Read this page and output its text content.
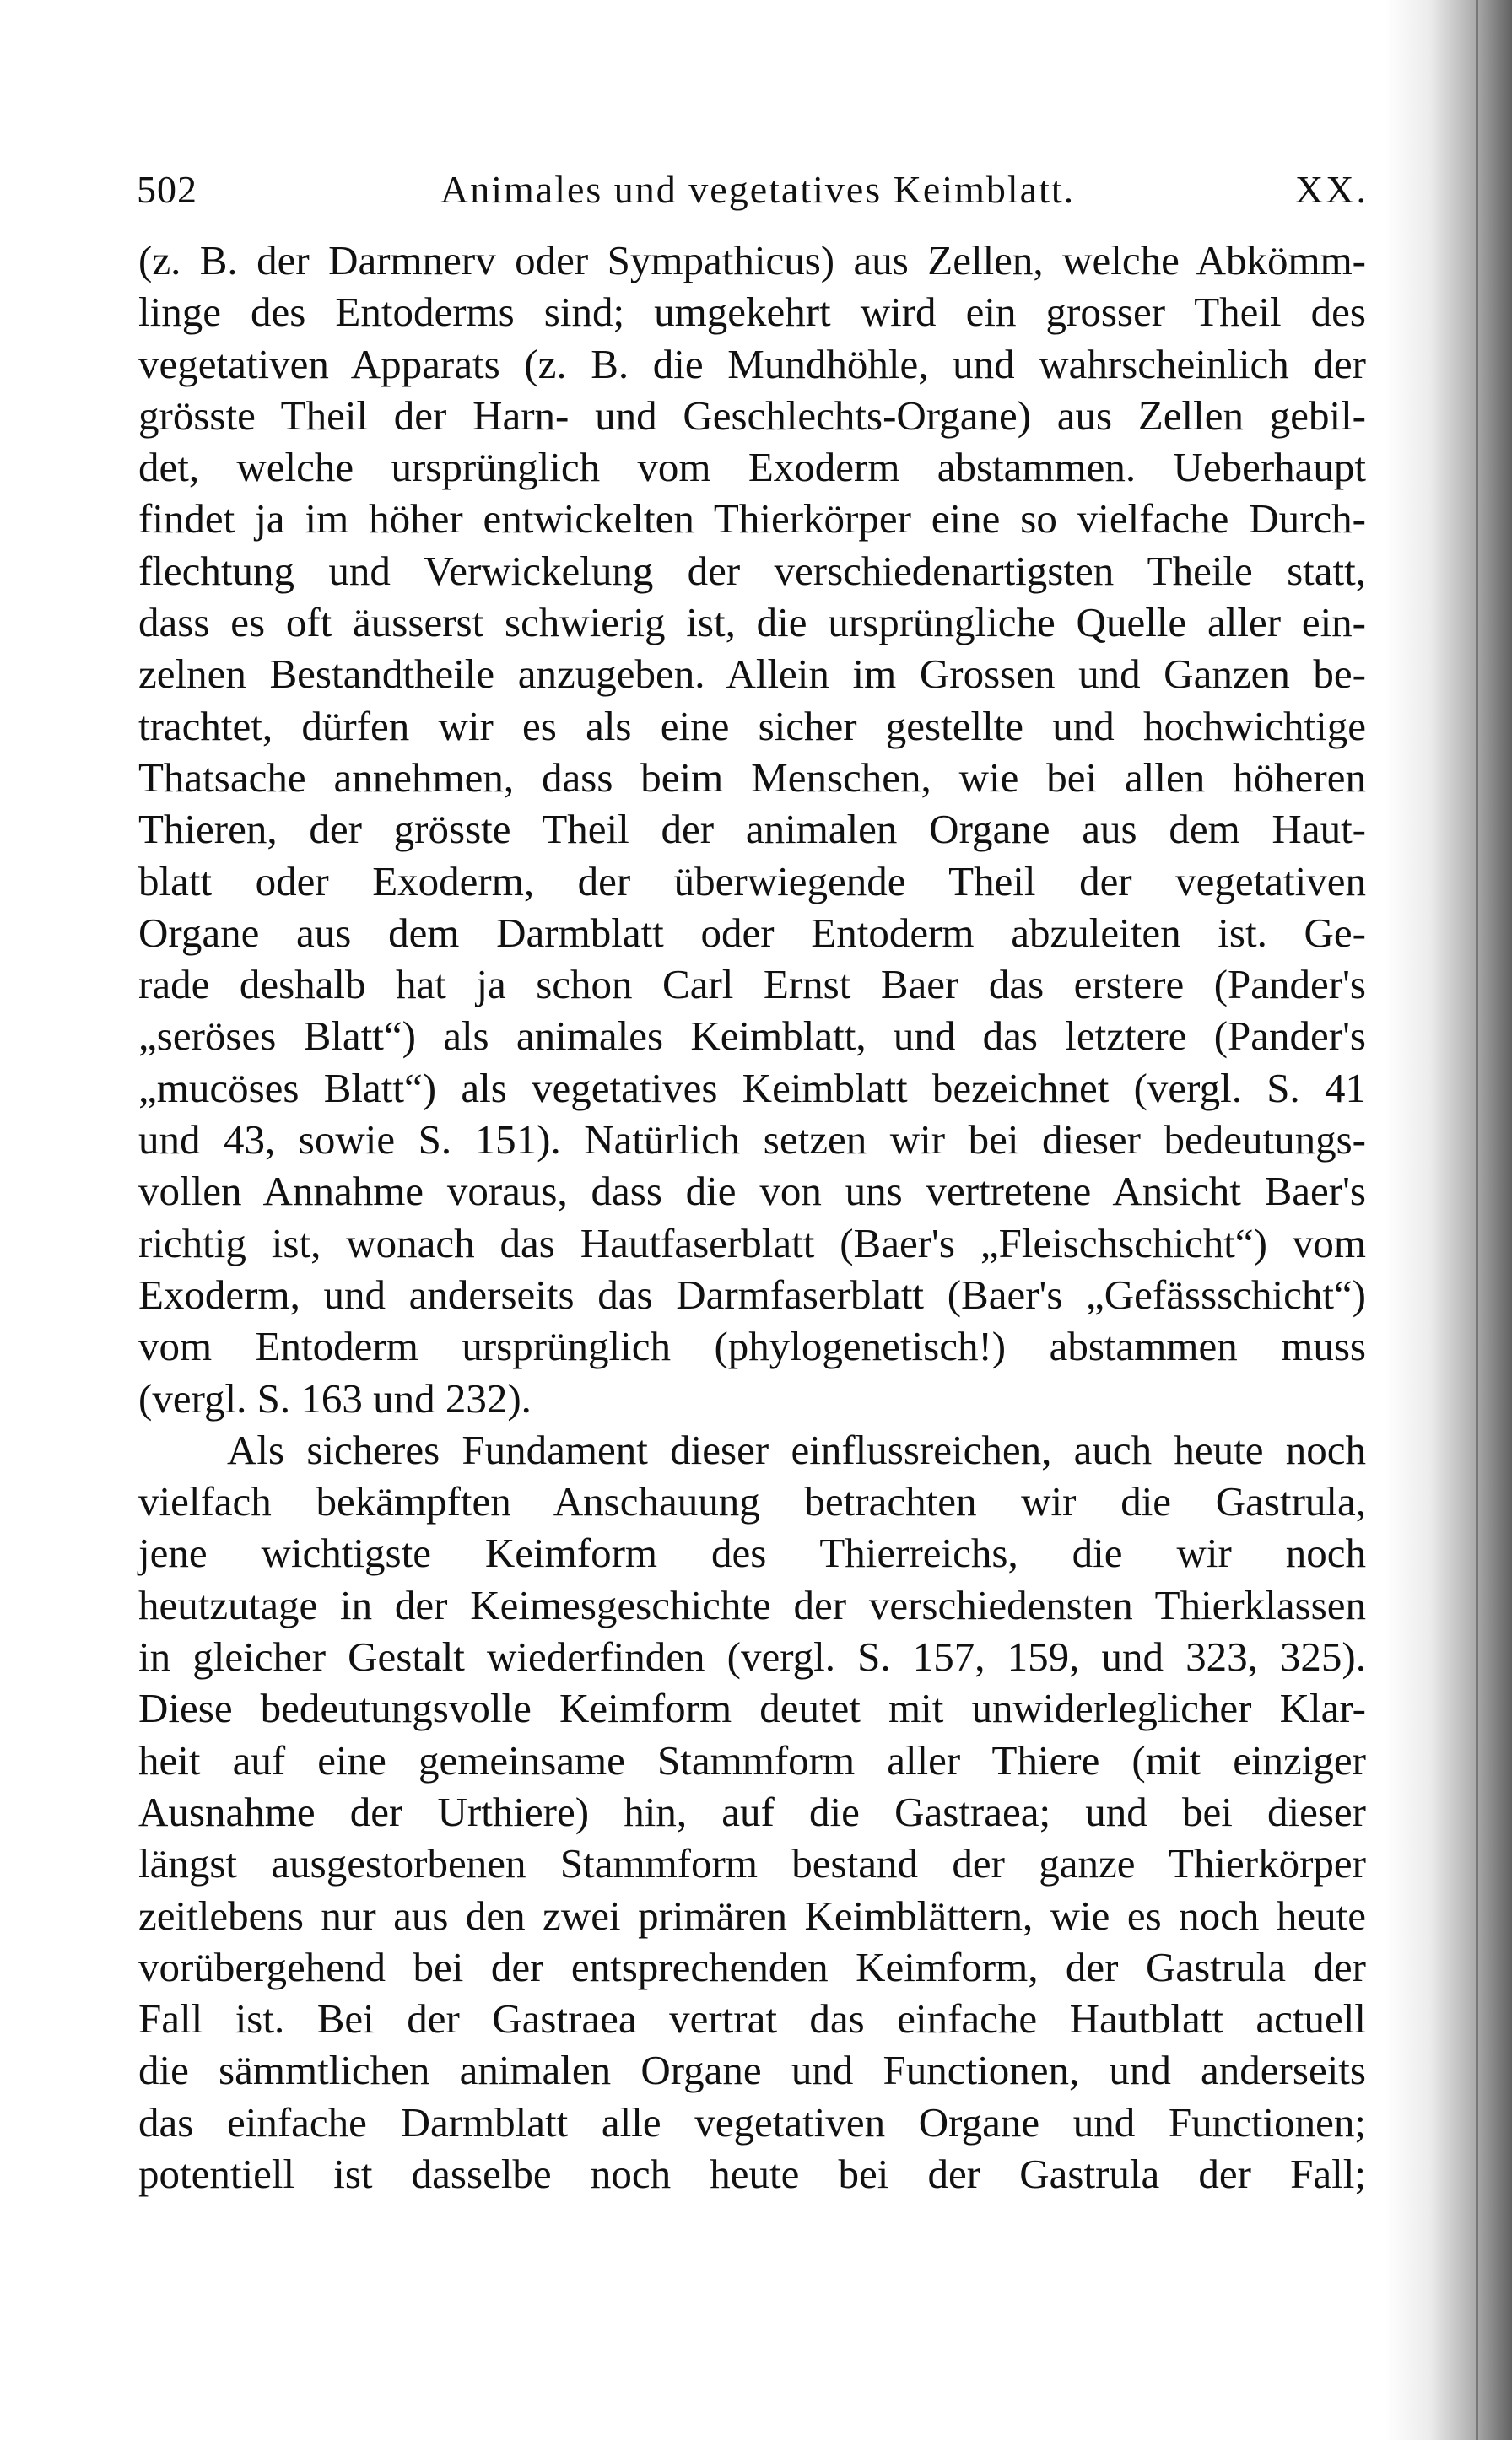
502	Animales und vegetatives Keimblatt.	XX.
(z. B. der Darmnerv oder Sympathicus) aus Zellen, welche Abkömm-
linge des Entoderms sind; umgekehrt wird ein grosser Theil des
vegetativen Apparats (z. B. die Mundhöhle, und wahrscheinlich der
grösste Theil der Harn- und Geschlechts-Organe) aus Zellen gebil-
det, welche ursprünglich vom Exoderm abstammen. Ueberhaupt
findet ja im höher entwickelten Thierkörper eine so vielfache Durch-
flechtung und Verwickelung der verschiedenartigsten Theile statt,
dass es oft äusserst schwierig ist, die ursprüngliche Quelle aller ein-
zelnen Bestandtheile anzugeben. Allein im Grossen und Ganzen be-
trachtet, dürfen wir es als eine sicher gestellte und hochwichtige
Thatsache annehmen, dass beim Menschen, wie bei allen höheren
Thieren, der grösste Theil der animalen Organe aus dem Haut-
blatt oder Exoderm, der überwiegende Theil der vegetativen
Organe aus dem Darmblatt oder Entoderm abzuleiten ist. Ge-
rade deshalb hat ja schon Carl Ernst Baer das erstere (Pander's
„seröses Blatt“) als animales Keimblatt, und das letztere (Pander's
„mucöses Blatt“) als vegetatives Keimblatt bezeichnet (vergl. S. 41
und 43, sowie S. 151). Natürlich setzen wir bei dieser bedeutungs-
vollen Annahme voraus, dass die von uns vertretene Ansicht Baer's
richtig ist, wonach das Hautfaserblatt (Baer's „Fleischschicht“) vom
Exoderm, und anderseits das Darmfaserblatt (Baer's „Gefässschicht“)
vom Entoderm ursprünglich (phylogenetisch!) abstammen muss
(vergl. S. 163 und 232).
Als sicheres Fundament dieser einflussreichen, auch heute noch
vielfach bekämpften Anschauung betrachten wir die Gastrula,
jene wichtigste Keimform des Thierreichs, die wir noch
heutzutage in der Keimesgeschichte der verschiedensten Thierklassen
in gleicher Gestalt wiederfinden (vergl. S. 157, 159, und 323, 325).
Diese bedeutungsvolle Keimform deutet mit unwiderleglicher Klar-
heit auf eine gemeinsame Stammform aller Thiere (mit einziger
Ausnahme der Urthiere) hin, auf die Gastraea; und bei dieser
längst ausgestorbenen Stammform bestand der ganze Thierkörper
zeitlebens nur aus den zwei primären Keimblättern, wie es noch heute
vorübergehend bei der entsprechenden Keimform, der Gastrula der
Fall ist. Bei der Gastraea vertrat das einfache Hautblatt actuell
die sämmtlichen animalen Organe und Functionen, und anderseits
das einfache Darmblatt alle vegetativen Organe und Functionen;
potentiell ist dasselbe noch heute bei der Gastrula der Fall;
